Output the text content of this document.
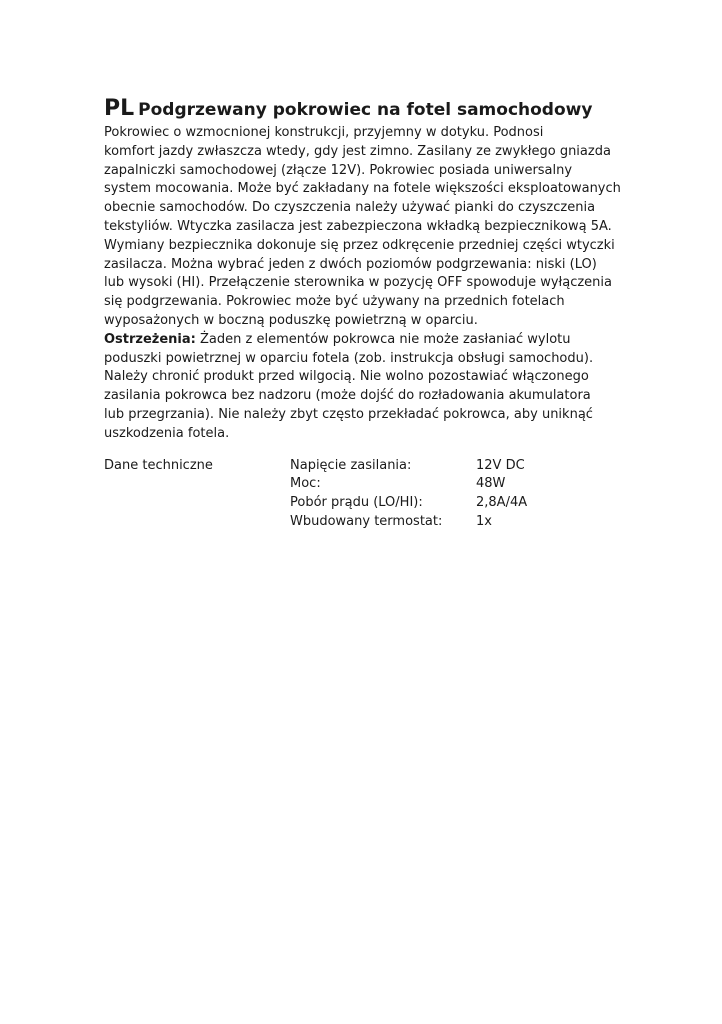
PL Podgrzewany pokrowiec na fotel samochodowy
Pokrowiec o wzmocnionej konstrukcji, przyjemny w dotyku. Podnosi
komfort jazdy zwłaszcza wtedy, gdy jest zimno. Zasilany ze zwykłego gniazda
zapalniczki samochodowej (złącze 12V). Pokrowiec posiada uniwersalny
system mocowania. Może być zakładany na fotele większości eksploatowanych
obecnie samochodów. Do czyszczenia należy używać pianki do czyszczenia
tekstyliów. Wtyczka zasilacza jest zabezpieczona wkładką bezpiecznikową 5A.
Wymiany bezpiecznika dokonuje się przez odkręcenie przedniej części wtyczki
zasilacza. Można wybrać jeden z dwóch poziomów podgrzewania: niski (LO)
lub wysoki (HI). Przełączenie sterownika w pozycję OFF spowoduje wyłączenia
się podgrzewania. Pokrowiec może być używany na przednich fotelach
wyposażonych w boczną poduszkę powietrzną w oparciu.
Ostrzeżenia: Żaden z elementów pokrowca nie może zasłaniać wylotu
poduszki powietrznej w oparciu fotela (zob. instrukcja obsługi samochodu).
Należy chronić produkt przed wilgocią. Nie wolno pozostawiać włączonego
zasilania pokrowca bez nadzoru (może dojść do rozładowania akumulatora
lub przegrzania). Nie należy zbyt często przekładać pokrowca, aby uniknąć
uszkodzenia fotela.
Dane techniczne	Napięcie zasilania:	12V DC
Moc:	48W
Pobór prądu (LO/HI):	2,8A/4A
Wbudowany termostat:	1x
